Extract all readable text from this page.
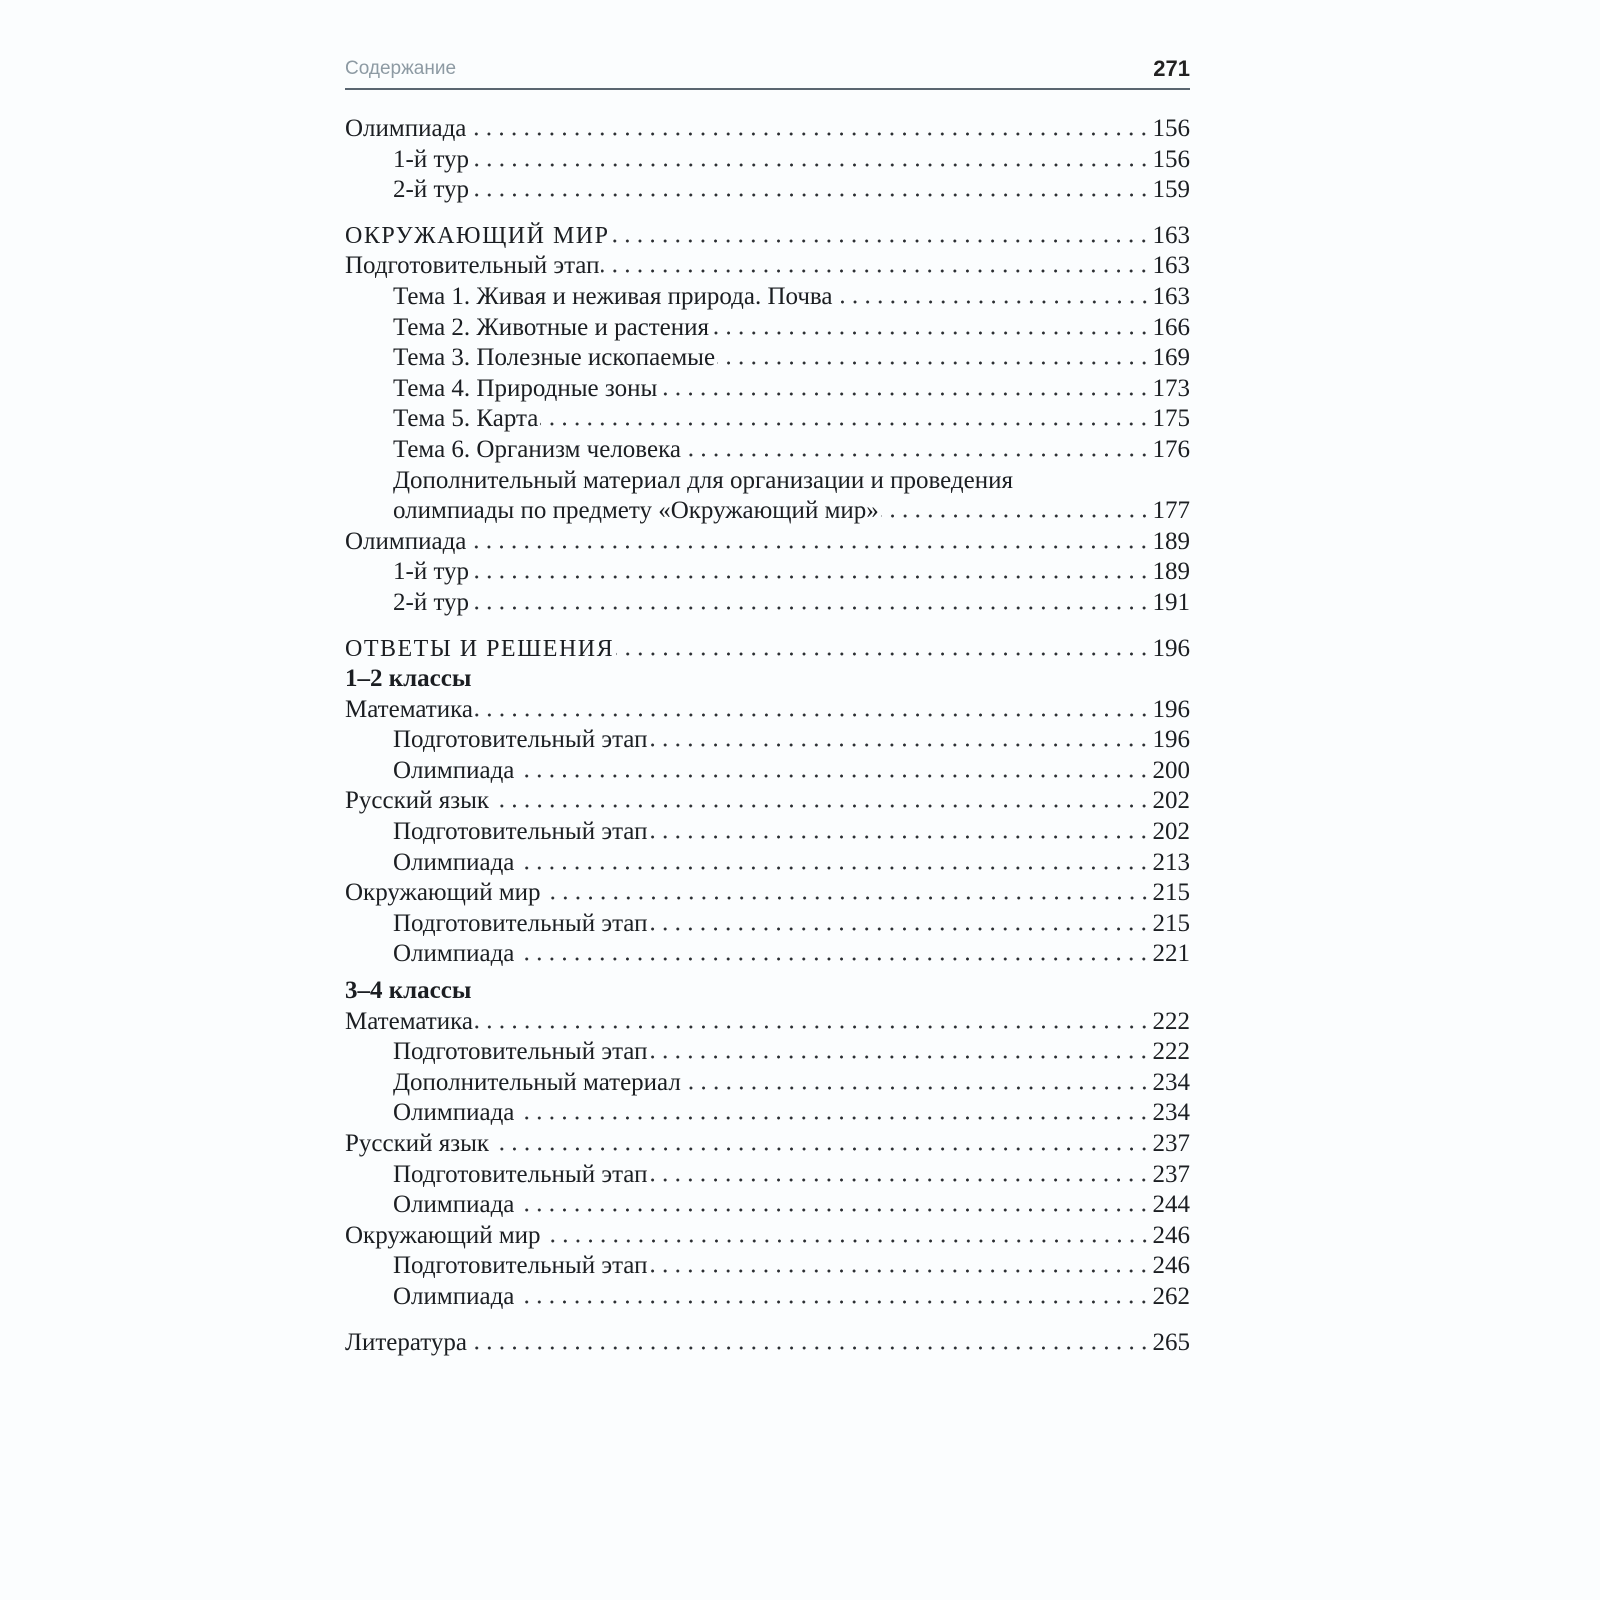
Содержание	271
Олимпиада	156
1-й тур	156
2-й тур	159
ОКРУЖАЮЩИЙ МИР	163
Подготовительный этап	163
Тема 1. Живая и неживая природа. Почва	163
Тема 2. Животные и растения	166
Тема 3. Полезные ископаемые	169
Тема 4. Природные зоны	173
Тема 5. Карта	175
Тема 6. Организм человека	176
Дополнительный материал для организации и проведения
олимпиады по предмету «Окружающий мир»	177
Олимпиада	189
1-й тур	189
2-й тур	191
ОТВЕТЫ И РЕШЕНИЯ	196
1–2 классы
Математика	196
Подготовительный этап	196
Олимпиада	200
Русский язык	202
Подготовительный этап	202
Олимпиада	213
Окружающий мир	215
Подготовительный этап	215
Олимпиада	221
3–4 классы
Математика	222
Подготовительный этап	222
Дополнительный материал	234
Олимпиада	234
Русский язык	237
Подготовительный этап	237
Олимпиада	244
Окружающий мир	246
Подготовительный этап	246
Олимпиада	262
Литература	265
